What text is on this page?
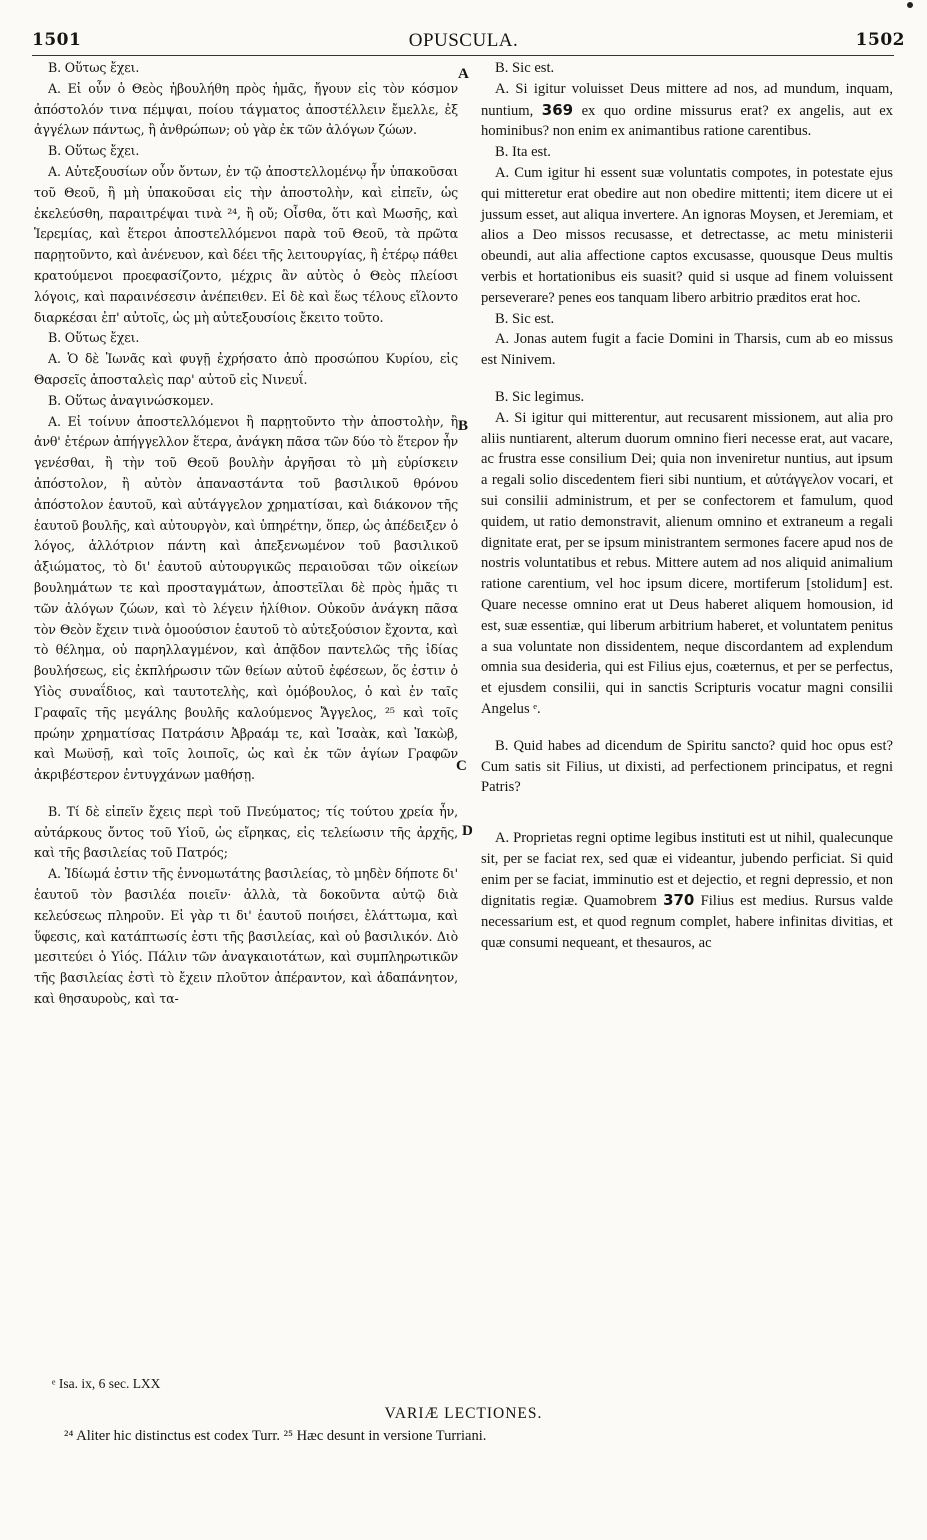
1501	OPUSCULA.	1502
A
B
C
D

Β. Οὕτως ἔχει.

Α. Εἰ οὖν ὁ Θεὸς ἠβουλήθη πρὸς ἡμᾶς, ἤγουν εἰς τὸν κόσμον ἀπόστολόν τινα πέμψαι, ποίου τάγματος ἀποστέλλειν ἔμελλε, ἐξ ἀγγέλων πάντως, ἢ ἀνθρώπων; οὐ γὰρ ἐκ τῶν ἀλόγων ζώων.

Β. Οὕτως ἔχει.

Α. Αὐτεξουσίων οὖν ὄντων, ἐν τῷ ἀποστελλομένῳ ἦν ὑπακοῦσαι τοῦ Θεοῦ, ἢ μὴ ὑπακοῦσαι εἰς τὴν ἀποστολὴν, καὶ εἰπεῖν, ὡς ἐκελεύσθη, παραιτρέψαι τινὰ ²⁴, ἢ οὔ; Οἶσθα, ὅτι καὶ Μωσῆς, καὶ Ἱερεμίας, καὶ ἕτεροι ἀποστελλόμενοι παρὰ τοῦ Θεοῦ, τὰ πρῶτα παρῃτοῦντο, καὶ ἀνένευον, καὶ δέει τῆς λειτουργίας, ἢ ἑτέρῳ πάθει κρατούμενοι προεφασίζοντο, μέχρις ἂν αὐτὸς ὁ Θεὸς πλείοσι λόγοις, καὶ παραινέσεσιν ἀνέπειθεν. Εἰ δὲ καὶ ἕως τέλους εἵλοντο διαρκέσαι ἐπ' αὐτοῖς, ὡς μὴ αὐτεξουσίοις ἔκειτο τοῦτο.

Β. Οὕτως ἔχει.

Α. Ὁ δὲ Ἰωνᾶς καὶ φυγῇ ἐχρήσατο ἀπὸ προσώπου Κυρίου, εἰς Θαρσεῖς ἀποσταλεὶς παρ' αὐτοῦ εἰς Νινευΐ.

Β. Οὕτως ἀναγινώσκομεν.

Α. Εἰ τοίνυν ἀποστελλόμενοι ἢ παρῃτοῦντο τὴν ἀποστολὴν, ἢ ἀνθ' ἑτέρων ἀπήγγελλον ἕτερα, ἀνάγκη πᾶσα τῶν δύο τὸ ἕτερον ἦν γενέσθαι, ἢ τὴν τοῦ Θεοῦ βουλὴν ἀργῆσαι τὸ μὴ εὑρίσκειν ἀπόστολον, ἢ αὐτὸν ἀπαναστάντα τοῦ βασιλικοῦ θρόνου ἀπόστολον ἑαυτοῦ, καὶ αὐτάγγελον χρηματίσαι, καὶ διάκονον τῆς ἑαυτοῦ βουλῆς, καὶ αὐτουργὸν, καὶ ὑπηρέτην, ὅπερ, ὡς ἀπέδειξεν ὁ λόγος, ἀλλότριον πάντη καὶ ἀπεξενωμένον τοῦ βασιλικοῦ ἀξιώματος, τὸ δι' ἑαυτοῦ αὐτουργικῶς περαιοῦσαι τῶν οἰκείων βουλημάτων τε καὶ προσταγμάτων, ἀποστεῖλαι δὲ πρὸς ἡμᾶς τι τῶν ἀλόγων ζώων, καὶ τὸ λέγειν ἠλίθιον. Οὐκοῦν ἀνάγκη πᾶσα τὸν Θεὸν ἔχειν τινὰ ὁμοούσιον ἑαυτοῦ τὸ αὐτεξούσιον ἔχοντα, καὶ τὸ θέλημα, οὐ παρηλλαγμένον, καὶ ἀπᾷδον παντελῶς τῆς ἰδίας βουλήσεως, εἰς ἐκπλήρωσιν τῶν θείων αὐτοῦ ἐφέσεων, ὅς ἐστιν ὁ Υἱὸς συναΐδιος, καὶ ταυτοτελὴς, καὶ ὁμόβουλος, ὁ καὶ ἐν ταῖς Γραφαῖς τῆς μεγάλης βουλῆς καλούμενος Ἄγγελος, ²⁵ καὶ τοῖς πρώην χρηματίσας Πατράσιν Ἀβραάμ τε, καὶ Ἰσαὰκ, καὶ Ἰακὼβ, καὶ Μωϋσῇ, καὶ τοῖς λοιποῖς, ὡς καὶ ἐκ τῶν ἁγίων Γραφῶν ἀκριβέστερον ἐντυγχάνων μαθήσῃ.

Β. Τί δὲ εἰπεῖν ἔχεις περὶ τοῦ Πνεύματος; τίς τούτου χρεία ἦν, αὐτάρκους ὄντος τοῦ Υἱοῦ, ὡς εἴρηκας, εἰς τελείωσιν τῆς ἀρχῆς, καὶ τῆς βασιλείας τοῦ Πατρός;

Α. Ἰδίωμά ἐστιν τῆς ἐννομωτάτης βασιλείας, τὸ μηδὲν δήποτε δι' ἑαυτοῦ τὸν βασιλέα ποιεῖν· ἀλλὰ, τὰ δοκοῦντα αὐτῷ διὰ κελεύσεως πληροῦν. Εἰ γὰρ τι δι' ἑαυτοῦ ποιήσει, ἐλάττωμα, καὶ ὕφεσις, καὶ κατάπτωσίς ἐστι τῆς βασιλείας, καὶ οὐ βασιλικόν. Διὸ μεσιτεύει ὁ Υἱός. Πάλιν τῶν ἀναγκαιοτάτων, καὶ συμπληρωτικῶν τῆς βασιλείας ἐστὶ τὸ ἔχειν πλοῦτον ἀπέραντον, καὶ ἀδαπάνητον, καὶ θησαυροὺς, καὶ τα-

B. Sic est.

A. Si igitur voluisset Deus mittere ad nos, ad mundum, inquam, nuntium, 369 ex quo ordine missurus erat? ex angelis, aut ex hominibus? non enim ex animantibus ratione carentibus.

B. Ita est.

A. Cum igitur hi essent suæ voluntatis compotes, in potestate ejus qui mitteretur erat obedire aut non obedire mittenti; item dicere ut ei jussum esset, aut aliqua invertere. An ignoras Moysen, et Jeremiam, et alios a Deo missos recusasse, et detrectasse, ac metu ministerii obeundi, aut alia affectione captos excusasse, quousque Deus multis verbis et hortationibus eis suasit? quid si usque ad finem voluissent perseverare? penes eos tanquam libero arbitrio præditos erat hoc.

B. Sic est.

A. Jonas autem fugit a facie Domini in Tharsis, cum ab eo missus est Ninivem.

B. Sic legimus.

A. Si igitur qui mitterentur, aut recusarent missionem, aut alia pro aliis nuntiarent, alterum duorum omnino fieri necesse erat, aut vacare, ac frustra esse consilium Dei; quia non inveniretur nuntius, aut ipsum a regali solio discedentem fieri sibi nuntium, et αὐτάγγελον vocari, et sui consilii administrum, et per se confectorem et famulum, quod quidem, ut ratio demonstravit, alienum omnino et extraneum a regali dignitate erat, per se ipsum ministrantem sermones facere apud nos de nostris voluntatibus et rebus. Mittere autem ad nos aliquid animalium ratione carentium, vel hoc ipsum dicere, mortiferum [stolidum] est. Quare necesse omnino erat ut Deus haberet aliquem homousion, id est, suæ essentiæ, qui liberum arbitrium haberet, et voluntatem penitus a sua voluntate non dissidentem, neque discordantem ad explendum omnia sua desideria, qui est Filius ejus, coæternus, et per se perfectus, et ejusdem consilii, qui in sanctis Scripturis vocatur magni consilii Angelus ᵉ.

B. Quid habes ad dicendum de Spiritu sancto? quid hoc opus est? Cum satis sit Filius, ut dixisti, ad perfectionem principatus, et regni Patris?

A. Proprietas regni optime legibus instituti est ut nihil, qualecunque sit, per se faciat rex, sed quæ ei videantur, jubendo perficiat. Si quid enim per se faciat, imminutio est et dejectio, et regni depressio, et non dignitatis regiæ. Quamobrem 370 Filius est medius. Rursus valde necessarium est, et quod regnum complet, habere infinitas divitias, et quæ consumi nequeant, et thesauros, ac

ᵉ Isa. ix, 6 sec. LXX
VARIÆ LECTIONES.
²⁴ Aliter hic distinctus est codex Turr. ²⁵ Hæc desunt in versione Turriani.
